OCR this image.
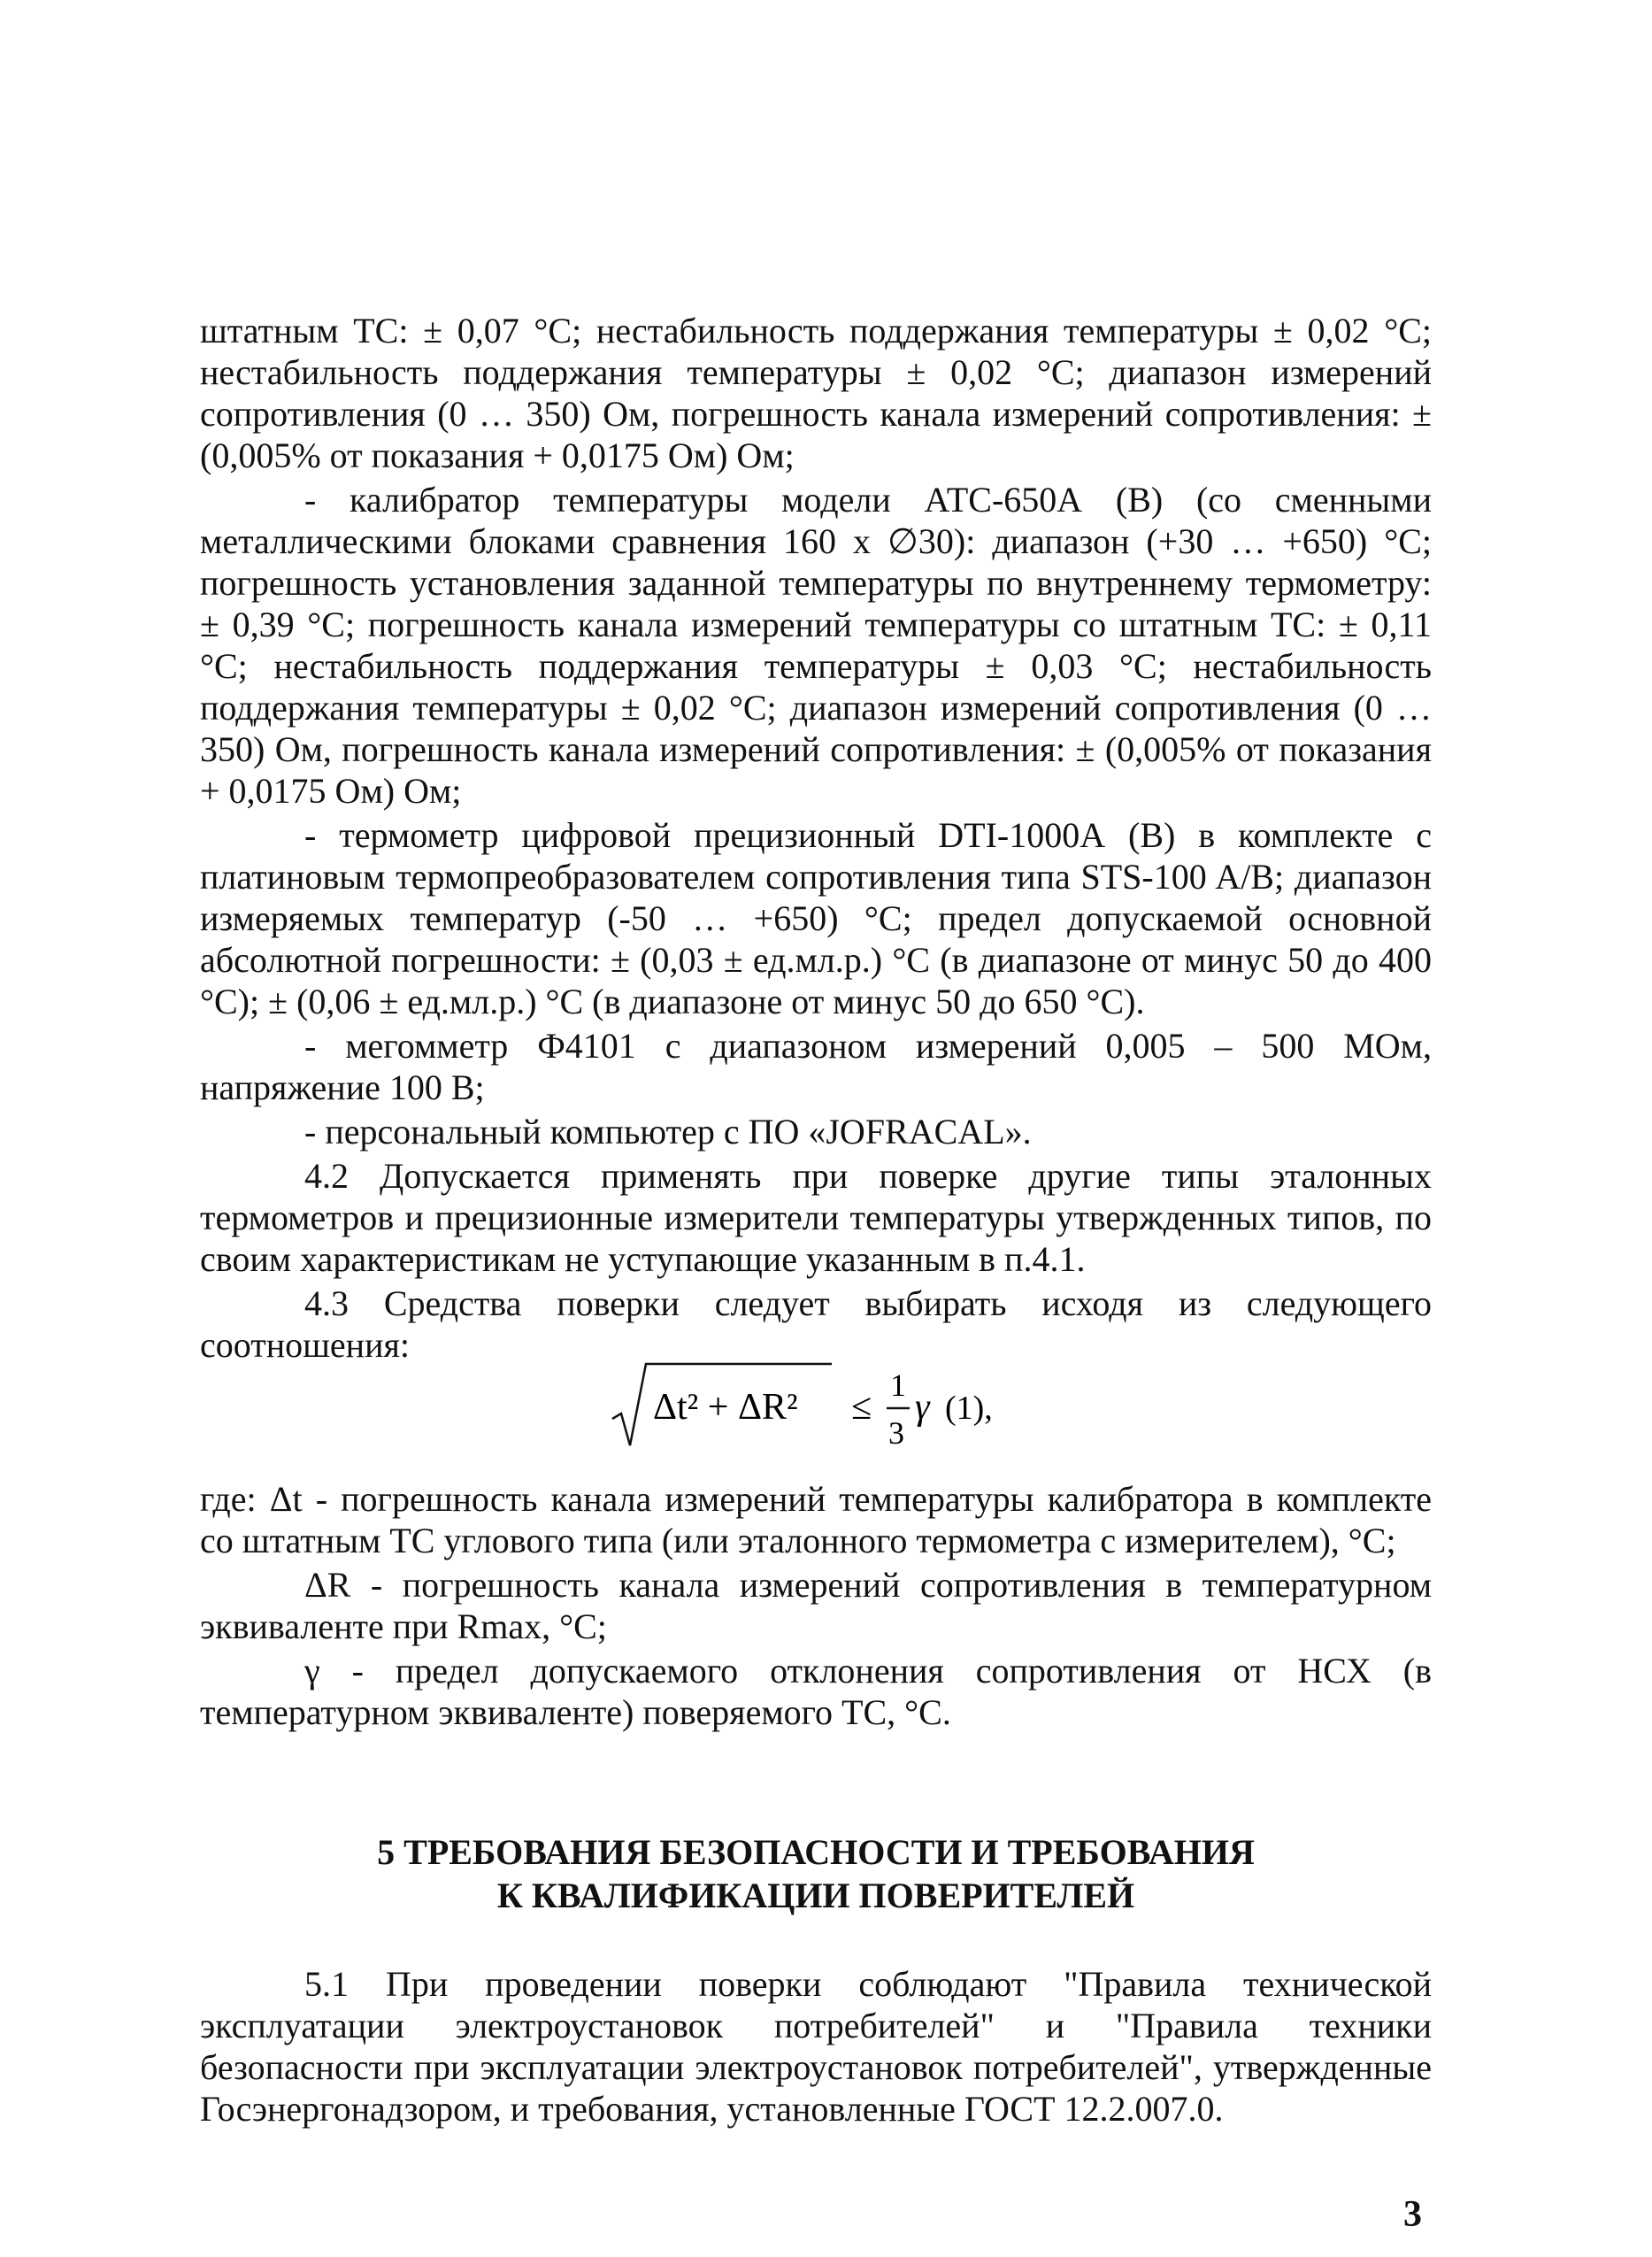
штатным ТС: ± 0,07 °С; нестабильность поддержания температуры ± 0,02 °С; нестабильность поддержания температуры ± 0,02 °С; диапазон измерений сопротивления (0 … 350) Ом, погрешность канала измерений сопротивления: ± (0,005% от показания + 0,0175 Ом) Ом;

- калибратор температуры модели АТС-650А (В) (со сменными металлическими блоками сравнения 160 х ∅30): диапазон (+30 … +650) °С; погрешность установления заданной температуры по внутреннему термометру: ± 0,39 °С; погрешность канала измерений температуры со штатным ТС: ± 0,11 °С; нестабильность поддержания температуры ± 0,03 °С; нестабильность поддержания температуры ± 0,02 °С; диапазон измерений сопротивления (0 … 350) Ом, погрешность канала измерений сопротивления: ± (0,005% от показания + 0,0175 Ом) Ом;

- термометр цифровой прецизионный DTI-1000А (В) в комплекте с платиновым термопреобразователем сопротивления типа STS-100 A/B; диапазон измеряемых температур (-50 … +650) °С; предел допускаемой основной абсолютной погрешности: ± (0,03 ± ед.мл.р.) °С (в диапазоне от минус 50 до 400 °С); ± (0,06 ± ед.мл.р.) °С (в диапазоне от минус 50 до 650 °С).

- мегомметр Ф4101 с диапазоном измерений 0,005 – 500 МОм, напряжение 100 В;

- персональный компьютер с ПО «JOFRACAL».

4.2 Допускается применять при поверке другие типы эталонных термометров и прецизионные измерители температуры утвержденных типов, по своим характеристикам не уступающие указанным в п.4.1.

4.3 Средства поверки следует выбирать исходя из следующего соотношения:

Δt² + ΔR² ≤
1
3
γ (1),

где: Δt - погрешность канала измерений температуры калибратора в комплекте со штатным ТС углового типа (или эталонного термометра с измерителем), °С;

ΔR - погрешность канала измерений сопротивления в температурном эквиваленте при Rmax, °С;

γ - предел допускаемого отклонения сопротивления от НСХ (в температурном эквиваленте) поверяемого ТС, °С.

5 ТРЕБОВАНИЯ БЕЗОПАСНОСТИ И ТРЕБОВАНИЯ
К КВАЛИФИКАЦИИ ПОВЕРИТЕЛЕЙ

5.1 При проведении поверки соблюдают "Правила технической эксплуатации электроустановок потребителей" и "Правила техники безопасности при эксплуатации электроустановок потребителей", утвержденные Госэнергонадзором, и требования, установленные ГОСТ 12.2.007.0.

3
